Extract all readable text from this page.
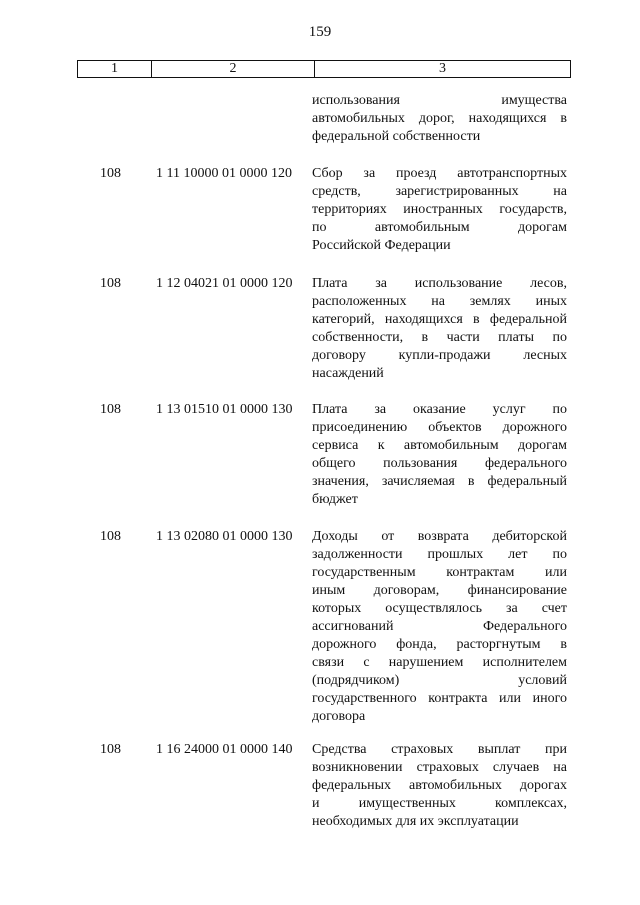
159
1	2	3
использования имущества
автомобильных дорог, находящихся в
федеральной собственности
108	1 11 10000 01 0000 120	Сбор за проезд автотранспортных
средств, зарегистрированных на
территориях иностранных государств,
по автомобильным дорогам
Российской Федерации
108	1 12 04021 01 0000 120	Плата за использование лесов,
расположенных на землях иных
категорий, находящихся в федеральной
собственности, в части платы по
договору купли-продажи лесных
насаждений
108	1 13 01510 01 0000 130	Плата за оказание услуг по
присоединению объектов дорожного
сервиса к автомобильным дорогам
общего пользования федерального
значения, зачисляемая в федеральный
бюджет
108	1 13 02080 01 0000 130	Доходы от возврата дебиторской
задолженности прошлых лет по
государственным контрактам или
иным договорам, финансирование
которых осуществлялось за счет
ассигнований Федерального
дорожного фонда, расторгнутым в
связи с нарушением исполнителем
(подрядчиком) условий
государственного контракта или иного
договора
108	1 16 24000 01 0000 140	Средства страховых выплат при
возникновении страховых случаев на
федеральных автомобильных дорогах
и имущественных комплексах,
необходимых для их эксплуатации
